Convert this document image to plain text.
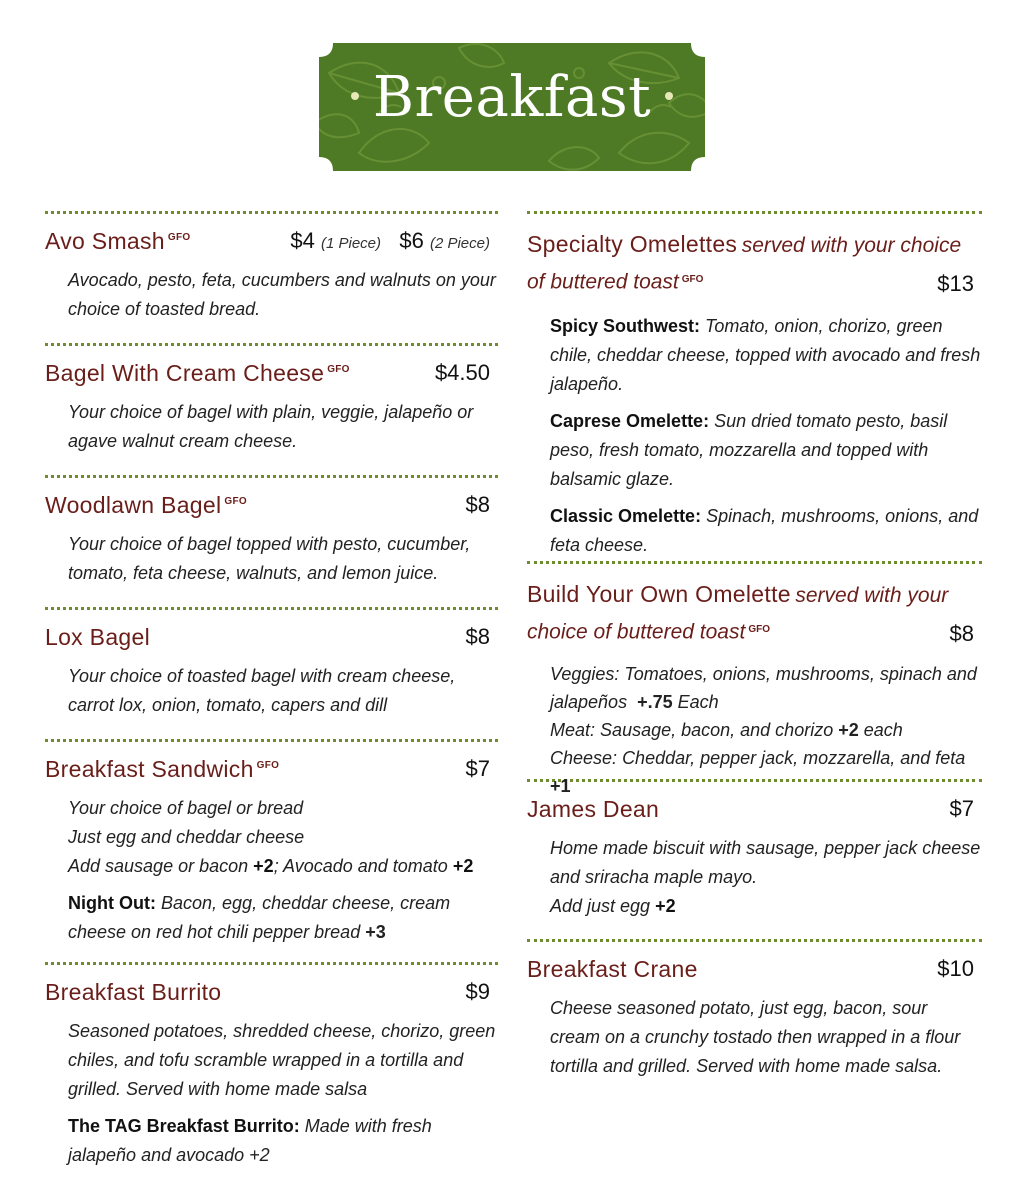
Breakfast
Avo Smash $^{GFO}$	$4 (1 Piece) $6 (2 Piece)
Avocado, pesto, feta, cucumbers and walnuts on your choice of toasted bread.
Bagel With Cream Cheese $^{GFO}$	$4.50
Your choice of bagel with plain, veggie, jalapeño or agave walnut cream cheese.
Woodlawn Bagel $^{GFO}$	$8
Your choice of bagel topped with pesto, cucumber, tomato, feta cheese, walnuts, and lemon juice.
Lox Bagel	$8
Your choice of toasted bagel with cream cheese, carrot lox, onion, tomato, capers and dill
Breakfast Sandwich $^{GFO}$	$7
Your choice of bagel or bread
Just egg and cheddar cheese
Add sausage or bacon +2; Avocado and tomato +2
Night Out: Bacon, egg, cheddar cheese, cream cheese on red hot chili pepper bread +3
Breakfast Burrito	$9
Seasoned potatoes, shredded cheese, chorizo, green chiles, and tofu scramble wrapped in a tortilla and grilled. Served with home made salsa
The TAG Breakfast Burrito: Made with fresh jalapeño and avocado +2
Specialty Omelettes served with your choice of buttered toast $^{GFO}$	$13
Spicy Southwest: Tomato, onion, chorizo, green chile, cheddar cheese, topped with avocado and fresh jalapeño.
Caprese Omelette: Sun dried tomato pesto, basil peso, fresh tomato, mozzarella and topped with balsamic glaze.
Classic Omelette: Spinach, mushrooms, onions, and feta cheese.
Build Your Own Omelette served with your choice of buttered toast $^{GFO}$	$8
Veggies: Tomatoes, onions, mushrooms, spinach and jalapeños +.75 Each
Meat: Sausage, bacon, and chorizo +2 each
Cheese: Cheddar, pepper jack, mozzarella, and feta +1
James Dean	$7
Home made biscuit with sausage, pepper jack cheese and sriracha maple mayo.
Add just egg +2
Breakfast Crane	$10
Cheese seasoned potato, just egg, bacon, sour cream on a crunchy tostado then wrapped in a flour tortilla and grilled. Served with home made salsa.
